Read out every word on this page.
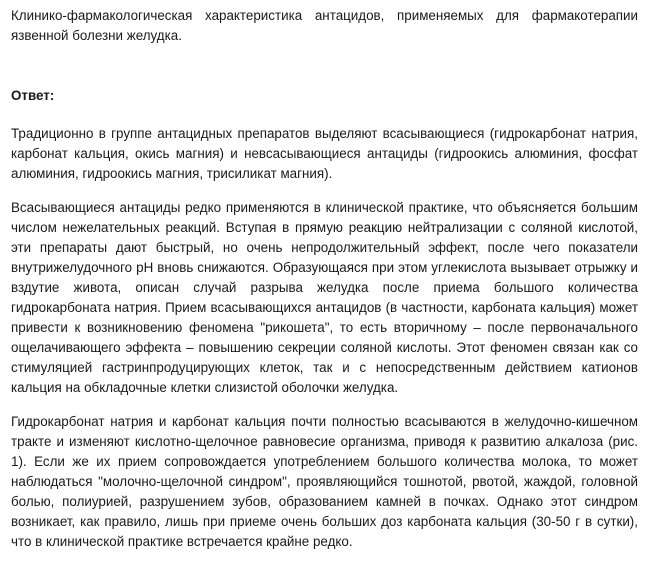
Клинико-фармакологическая характеристика антацидов, применяемых для фармакотерапии язвенной болезни желудка.

Ответ:

Традиционно в группе антацидных препаратов выделяют всасывающиеся (гидрокарбонат натрия, карбонат кальция, окись магния) и невсасывающиеся антациды (гидроокись алюминия, фосфат алюминия, гидроокись магния, трисиликат магния).

Всасывающиеся антациды редко применяются в клинической практике, что объясняется большим числом нежелательных реакций. Вступая в прямую реакцию нейтрализации с соляной кислотой, эти препараты дают быстрый, но очень непродолжительный эффект, после чего показатели внутрижелудочного рН вновь снижаются. Образующаяся при этом углекислота вызывает отрыжку и вздутие живота, описан случай разрыва желудка после приема большого количества гидрокарбоната натрия. Прием всасывающихся антацидов (в частности, карбоната кальция) может привести к возникновению феномена "рикошета", то есть вторичному – после первоначального ощелачивающего эффекта – повышению секреции соляной кислоты. Этот феномен связан как со стимуляцией гастринпродуцирующих клеток, так и с непосредственным действием катионов кальция на обкладочные клетки слизистой оболочки желудка.

Гидрокарбонат натрия и карбонат кальция почти полностью всасываются в желудочно-кишечном тракте и изменяют кислотно-щелочное равновесие организма, приводя к развитию алкалоза (рис. 1). Если же их прием сопровождается употреблением большого количества молока, то может наблюдаться "молочно-щелочной синдром", проявляющийся тошнотой, рвотой, жаждой, головной болью, полиурией, разрушением зубов, образованием камней в почках. Однако этот синдром возникает, как правило, лишь при приеме очень больших доз карбоната кальция (30-50 г в сутки), что в клинической практике встречается крайне редко.
